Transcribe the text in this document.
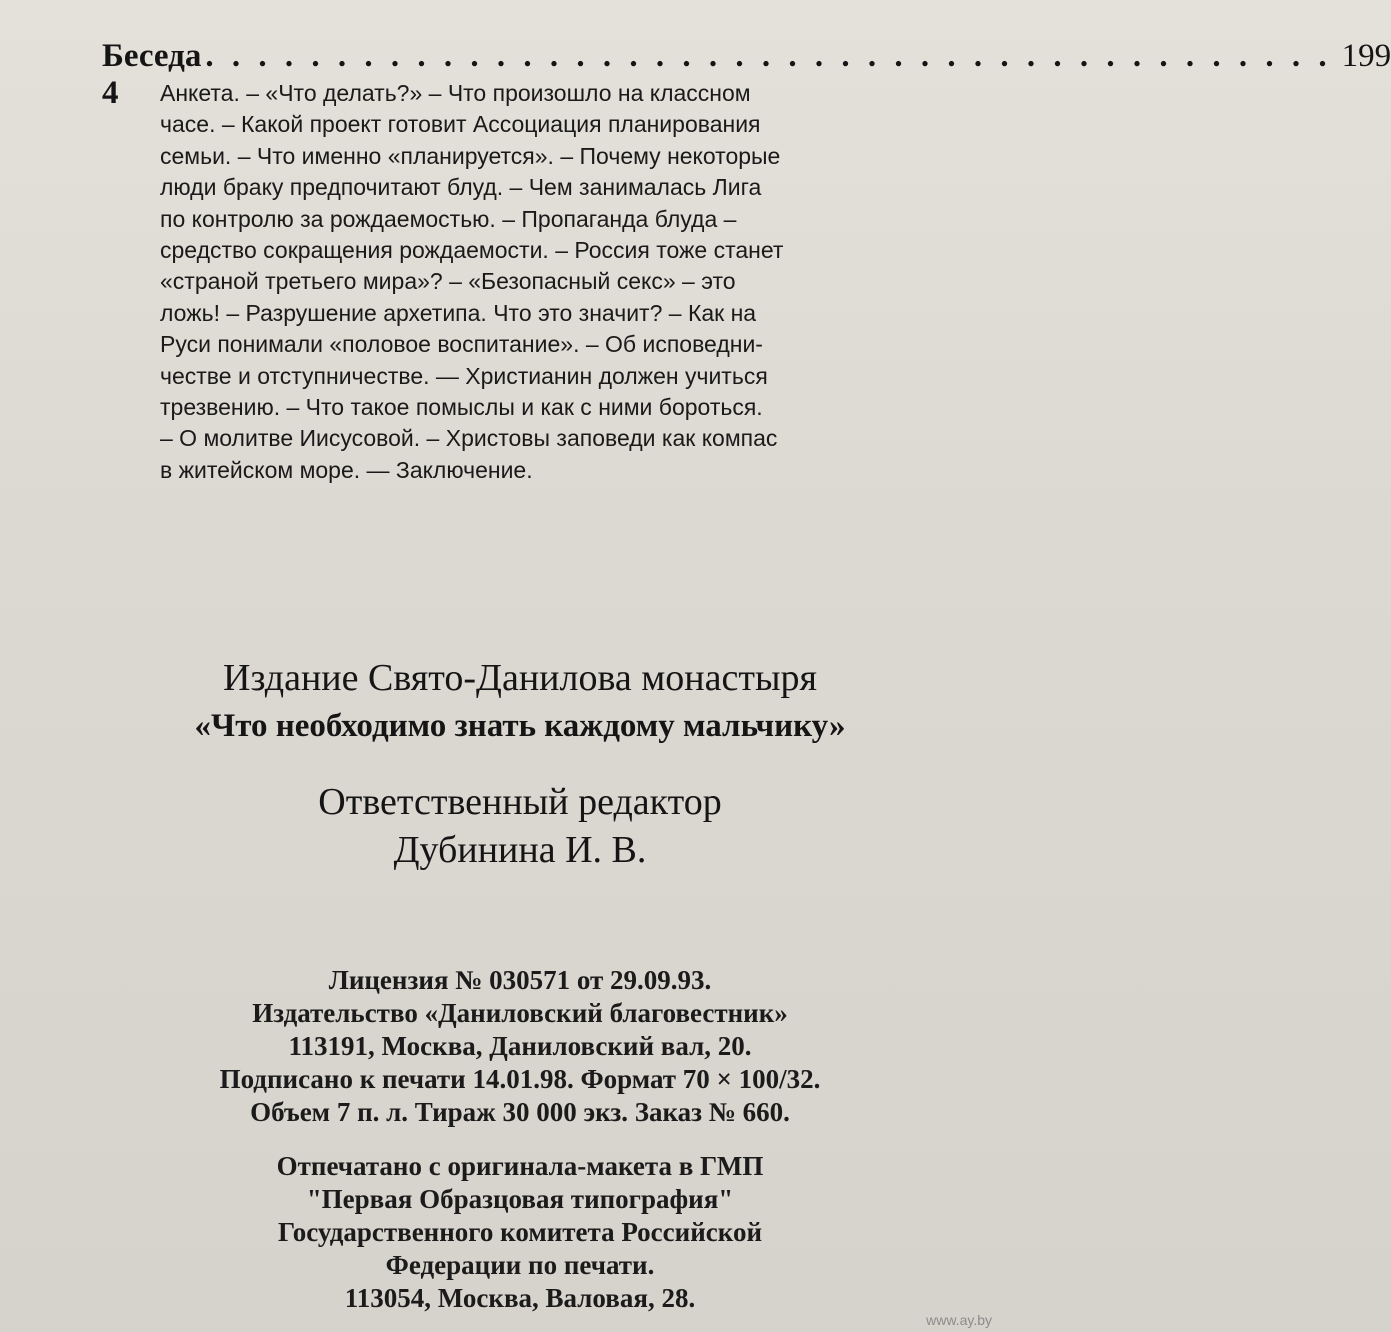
Беседа 4
. . . . . . . . . . . . . . . . . . . . . . . . . . . . . . . . . . . . . . . . . . . 199
Анкета. – «Что делать?» – Что произошло на классном
часе. – Какой проект готовит Ассоциация планирования
семьи. – Что именно «планируется». – Почему некоторые
люди браку предпочитают блуд. – Чем занималась Лига
по контролю за рождаемостью. – Пропаганда блуда –
средство сокращения рождаемости. – Россия тоже станет
«страной третьего мира»? – «Безопасный секс» – это
ложь! – Разрушение архетипа. Что это значит? – Как на
Руси понимали «половое воспитание». – Об исповедни-
честве и отступничестве. — Христианин должен учиться
трезвению. – Что такое помыслы и как с ними бороться.
– О молитве Иисусовой. – Христовы заповеди как компас
в житейском море. — Заключение.
Издание Свято-Данилова монастыря
«Что необходимо знать каждому мальчику»
Ответственный редактор
Дубинина И. В.
Лицензия № 030571 от 29.09.93.
Издательство «Даниловский благовестник»
113191, Москва, Даниловский вал, 20.
Подписано к печати 14.01.98. Формат 70 × 100/32.
Объем 7 п. л. Тираж 30 000 экз. Заказ № 660.
Отпечатано с оригинала-макета в ГМП
"Первая Образцовая типография"
Государственного комитета Российской
Федерации по печати.
113054, Москва, Валовая, 28.
www.ay.by
